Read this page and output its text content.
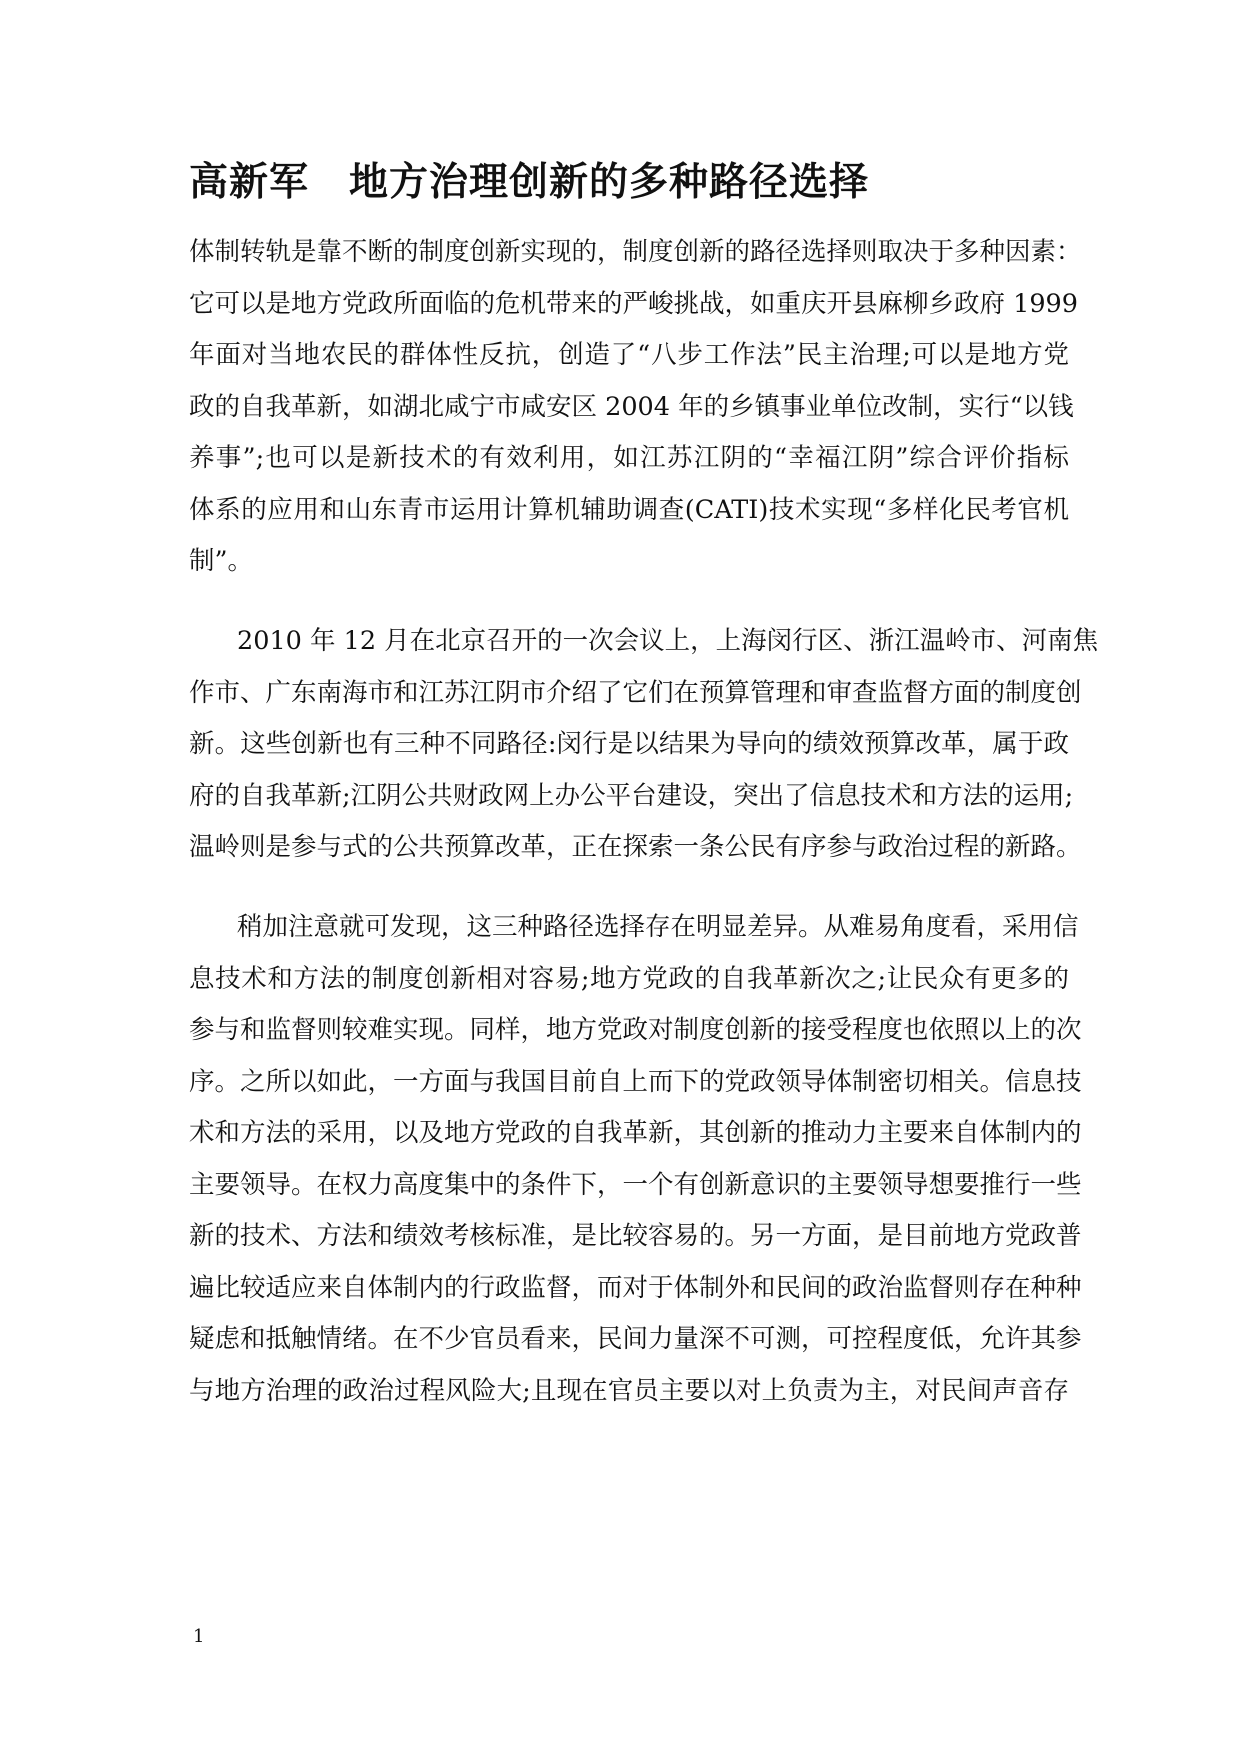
高新军 地方治理创新的多种路径选择

体制转轨是靠不断的制度创新实现的，制度创新的路径选择则取决于多种因素：

它可以是地方党政所面临的危机带来的严峻挑战，如重庆开县麻柳乡政府 1999

年面对当地农民的群体性反抗，创造了“八步工作法”民主治理;可以是地方党

政的自我革新，如湖北咸宁市咸安区 2004 年的乡镇事业单位改制，实行“以钱

养事”;也可以是新技术的有效利用，如江苏江阴的“幸福江阴”综合评价指标

体系的应用和山东青市运用计算机辅助调查(CATI)技术实现“多样化民考官机

制”。

2010 年 12 月在北京召开的一次会议上，上海闵行区、浙江温岭市、河南焦

作市、广东南海市和江苏江阴市介绍了它们在预算管理和审查监督方面的制度创

新。这些创新也有三种不同路径:闵行是以结果为导向的绩效预算改革，属于政

府的自我革新;江阴公共财政网上办公平台建设，突出了信息技术和方法的运用;

温岭则是参与式的公共预算改革，正在探索一条公民有序参与政治过程的新路。

稍加注意就可发现，这三种路径选择存在明显差异。从难易角度看，采用信

息技术和方法的制度创新相对容易;地方党政的自我革新次之;让民众有更多的

参与和监督则较难实现。同样，地方党政对制度创新的接受程度也依照以上的次

序。之所以如此，一方面与我国目前自上而下的党政领导体制密切相关。信息技

术和方法的采用，以及地方党政的自我革新，其创新的推动力主要来自体制内的

主要领导。在权力高度集中的条件下，一个有创新意识的主要领导想要推行一些

新的技术、方法和绩效考核标准，是比较容易的。另一方面，是目前地方党政普

遍比较适应来自体制内的行政监督，而对于体制外和民间的政治监督则存在种种

疑虑和抵触情绪。在不少官员看来，民间力量深不可测，可控程度低，允许其参

与地方治理的政治过程风险大;且现在官员主要以对上负责为主，对民间声音存

1
